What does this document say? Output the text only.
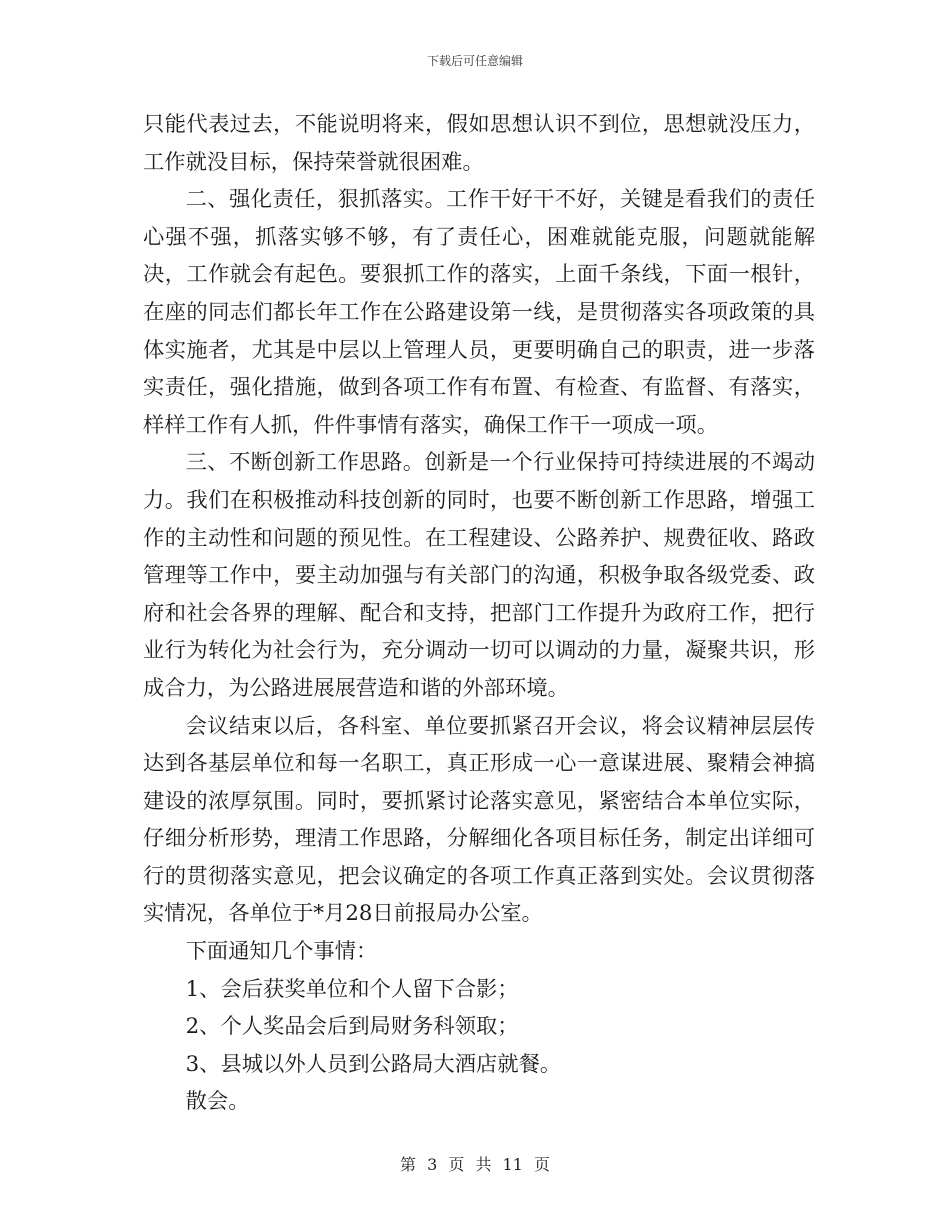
下载后可任意编辑

只能代表过去，不能说明将来，假如思想认识不到位，思想就没压力，工作就没目标，保持荣誉就很困难。

二、强化责任，狠抓落实。工作干好干不好，关键是看我们的责任心强不强，抓落实够不够，有了责任心，困难就能克服，问题就能解决，工作就会有起色。要狠抓工作的落实，上面千条线，下面一根针，在座的同志们都长年工作在公路建设第一线，是贯彻落实各项政策的具体实施者，尤其是中层以上管理人员，更要明确自己的职责，进一步落实责任，强化措施，做到各项工作有布置、有检查、有监督、有落实，样样工作有人抓，件件事情有落实，确保工作干一项成一项。

三、不断创新工作思路。创新是一个行业保持可持续进展的不竭动力。我们在积极推动科技创新的同时，也要不断创新工作思路，增强工作的主动性和问题的预见性。在工程建设、公路养护、规费征收、路政管理等工作中，要主动加强与有关部门的沟通，积极争取各级党委、政府和社会各界的理解、配合和支持，把部门工作提升为政府工作，把行业行为转化为社会行为，充分调动一切可以调动的力量，凝聚共识，形成合力，为公路进展展营造和谐的外部环境。

会议结束以后，各科室、单位要抓紧召开会议，将会议精神层层传达到各基层单位和每一名职工，真正形成一心一意谋进展、聚精会神搞建设的浓厚氛围。同时，要抓紧讨论落实意见，紧密结合本单位实际，仔细分析形势，理清工作思路，分解细化各项目标任务，制定出详细可行的贯彻落实意见，把会议确定的各项工作真正落到实处。会议贯彻落实情况，各单位于*月28日前报局办公室。

下面通知几个事情：

1、会后获奖单位和个人留下合影；

2、个人奖品会后到局财务科领取；

3、县城以外人员到公路局大酒店就餐。

散会。

第 3 页 共 11 页
